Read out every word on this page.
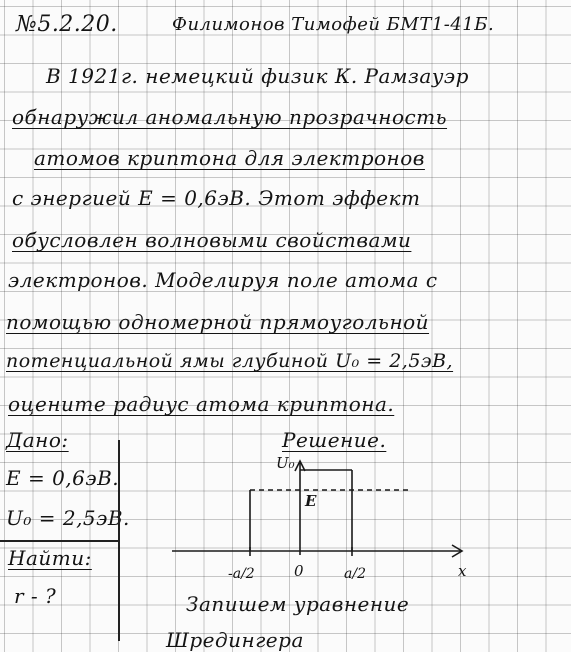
№5.2.20.	Филимонов Тимофей БМТ1-41Б.
В 1921г. немецкий физик К. Рамзауэр
обнаружил аномальную прозрачность
атомов криптона для электронов
с энергией E = 0,6эВ. Этот эффект
обусловлен волновыми свойствами
электронов. Моделируя поле атома с
помощью одномерной прямоугольной
потенциальной ямы глубиной U₀ = 2,5эВ,
оцените радиус атома криптона.
Дано:
E = 0,6эВ.
U₀ = 2,5эВ.
Найти:
r - ?
Решение.
U₀
E
x
0
-a/2	a/2
Запишем уравнение
Шредингера
